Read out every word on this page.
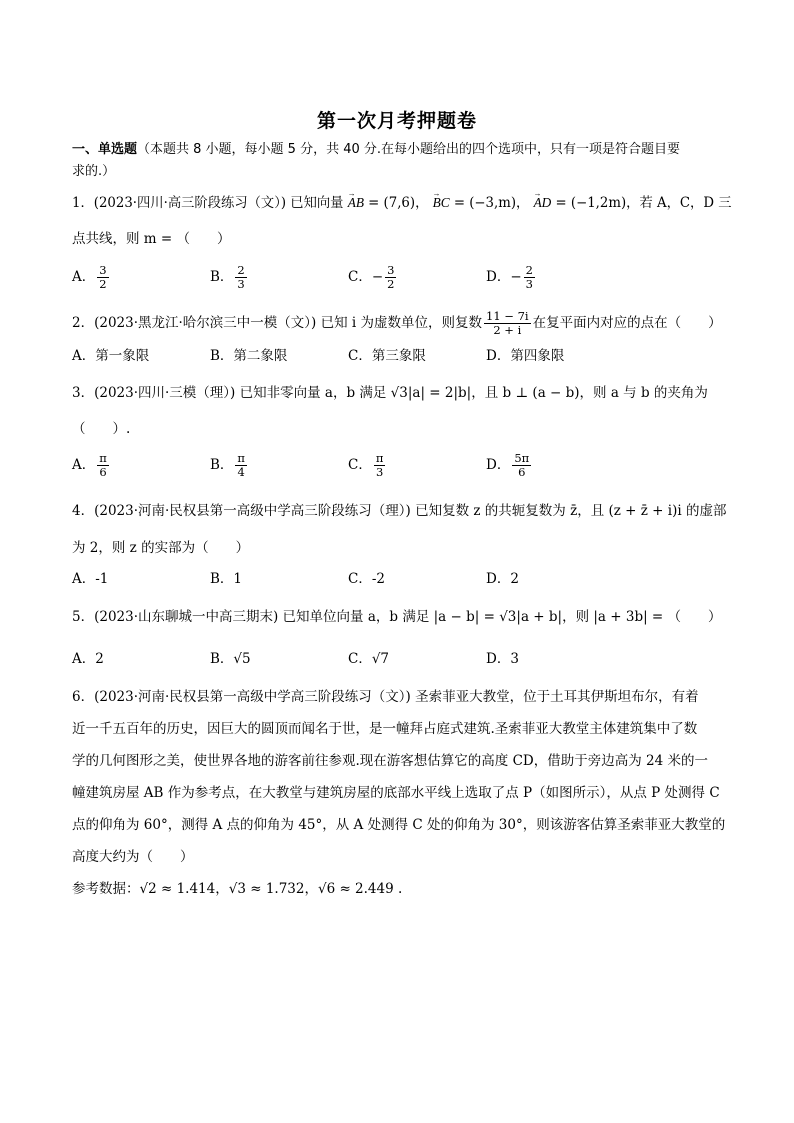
第一次月考押题卷
一、单选题（本题共 8 小题，每小题 5 分，共 40 分.在每小题给出的四个选项中，只有一项是符合题目要
求的.）
1．(2023·四川·高三阶段练习（文）) 已知向量 → AB = (7,6)， → BC = (−3,m)， → AD = (−1,2m)，若 A，C，D 三
点共线，则 m = （　　）
A． $\frac{3}{2}$	B． $\frac{2}{3}$	C．− $\frac{3}{2}$	D．− $\frac{2}{3}$
2．(2023·黑龙江·哈尔滨三中一模（文）) 已知 i 为虚数单位，则复数 $\frac{11 - 7i}{2 + i}$ 在复平面内对应的点在（　　）
A．第一象限	B．第二象限	C．第三象限	D．第四象限
3．(2023·四川·三模（理）) 已知非零向量 a，b 满足 √3|a| = 2|b|，且 b ⊥ (a − b)，则 a 与 b 的夹角为
（　　）.
A． $\frac{\pi}{6}$	B． $\frac{\pi}{4}$	C． $\frac{\pi}{3}$	D． $\frac{5\pi}{6}$
4．(2023·河南·民权县第一高级中学高三阶段练习（理）) 已知复数 z 的共轭复数为 z̄，且 (z + z̄ + i)i 的虚部
为 2，则 z 的实部为（　　）
A．-1	B．1	C．-2	D．2
5．(2023·山东聊城一中高三期末) 已知单位向量 a，b 满足 |a − b| = √3|a + b|，则 |a + 3b| = （　　）
A．2	B．√5	C．√7	D．3
6．(2023·河南·民权县第一高级中学高三阶段练习（文）) 圣索菲亚大教堂，位于土耳其伊斯坦布尔，有着
近一千五百年的历史，因巨大的圆顶而闻名于世，是一幢拜占庭式建筑.圣索菲亚大教堂主体建筑集中了数
学的几何图形之美，使世界各地的游客前往参观.现在游客想估算它的高度 CD，借助于旁边高为 24 米的一
幢建筑房屋 AB 作为参考点，在大教堂与建筑房屋的底部水平线上选取了点 P（如图所示），从点 P 处测得 C
点的仰角为 60°，测得 A 点的仰角为 45°，从 A 处测得 C 处的仰角为 30°，则该游客估算圣索菲亚大教堂的
高度大约为（　　）
参考数据：√2 ≈ 1.414，√3 ≈ 1.732，√6 ≈ 2.449 .
